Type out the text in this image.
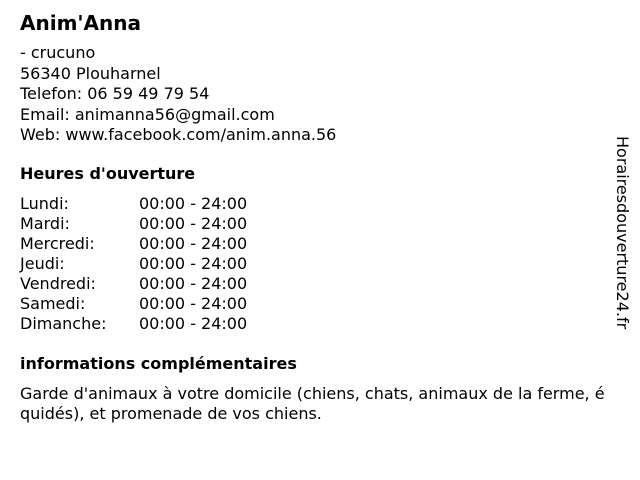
Anim'Anna
- crucuno
56340 Plouharnel
Telefon: 06 59 49 79 54
Email: animanna56@gmail.com
Web: www.facebook.com/anim.anna.56
Heures d'ouverture
Lundi:	00:00 - 24:00
Mardi:	00:00 - 24:00
Mercredi:	00:00 - 24:00
Jeudi:	00:00 - 24:00
Vendredi:	00:00 - 24:00
Samedi:	00:00 - 24:00
Dimanche: 00:00 - 24:00
informations complémentaires
Garde d'animaux à votre domicile (chiens, chats, animaux de la ferme, équidés), et promenade de vos chiens.
Horairesdouverture24.fr
